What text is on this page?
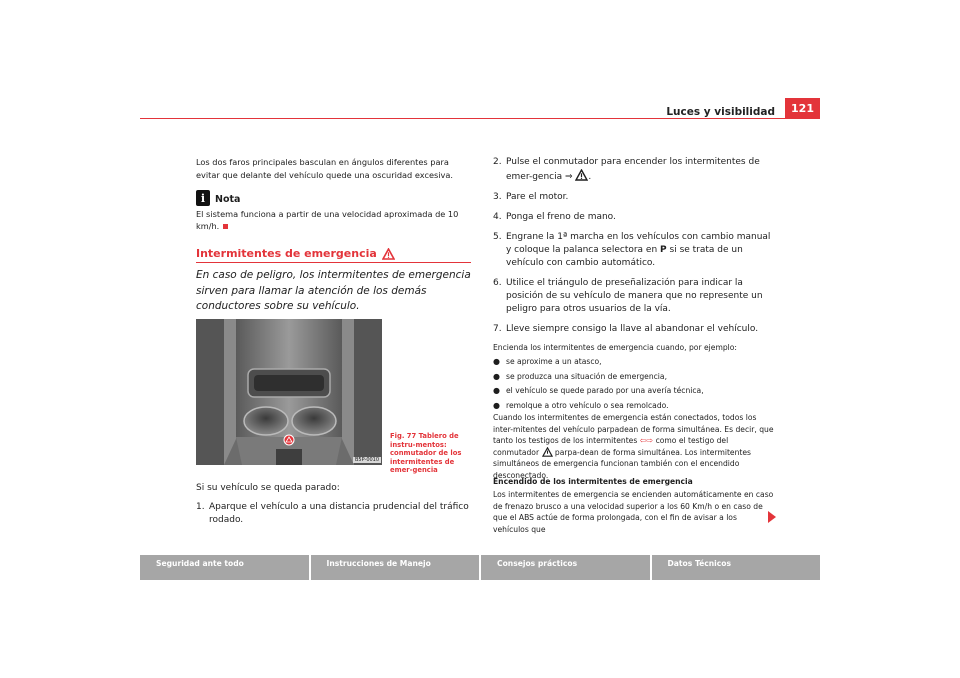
Luces y visibilidad	121
Los dos faros principales basculan en ángulos diferentes para evitar que delante del vehículo quede una oscuridad excesiva.
i	Nota
El sistema funciona a partir de una velocidad aproximada de 10 km/h.
Intermitentes de emergencia
En caso de peligro, los intermitentes de emergencia sirven para llamar la atención de los demás conductores sobre su vehículo.
B5P-0010
Fig. 77 Tablero de instru-mentos: conmutador de los intermitentes de emer-gencia
Si su vehículo se queda parado:
1. Aparque el vehículo a una distancia prudencial del tráfico rodado.
2. Pulse el conmutador para encender los intermitentes de emer-gencia ⇒ .
3. Pare el motor.
4. Ponga el freno de mano.
5. Engrane la 1ª marcha en los vehículos con cambio manual y coloque la palanca selectora en P si se trata de un vehículo con cambio automático.
6. Utilice el triángulo de preseñalización para indicar la posición de su vehículo de manera que no represente un peligro para otros usuarios de la vía.
7. Lleve siempre consigo la llave al abandonar el vehículo.
Encienda los intermitentes de emergencia cuando, por ejemplo:
● se aproxime a un atasco,
● se produzca una situación de emergencia,
● el vehículo se quede parado por una avería técnica,
● remolque a otro vehículo o sea remolcado.
Cuando los intermitentes de emergencia están conectados, todos los inter-mitentes del vehículo parpadean de forma simultánea. Es decir, que tanto los testigos de los intermitentes ⇦⇨ como el testigo del conmutador parpa-dean de forma simultánea. Los intermitentes simultáneos de emergencia funcionan también con el encendido desconectado.
Encendido de los intermitentes de emergencia
Los intermitentes de emergencia se encienden automáticamente en caso de frenazo brusco a una velocidad superior a los 60 Km/h o en caso de que el ABS actúe de forma prolongada, con el fin de avisar a los vehículos que
Seguridad ante todo	Instrucciones de Manejo	Consejos prácticos	Datos Técnicos
